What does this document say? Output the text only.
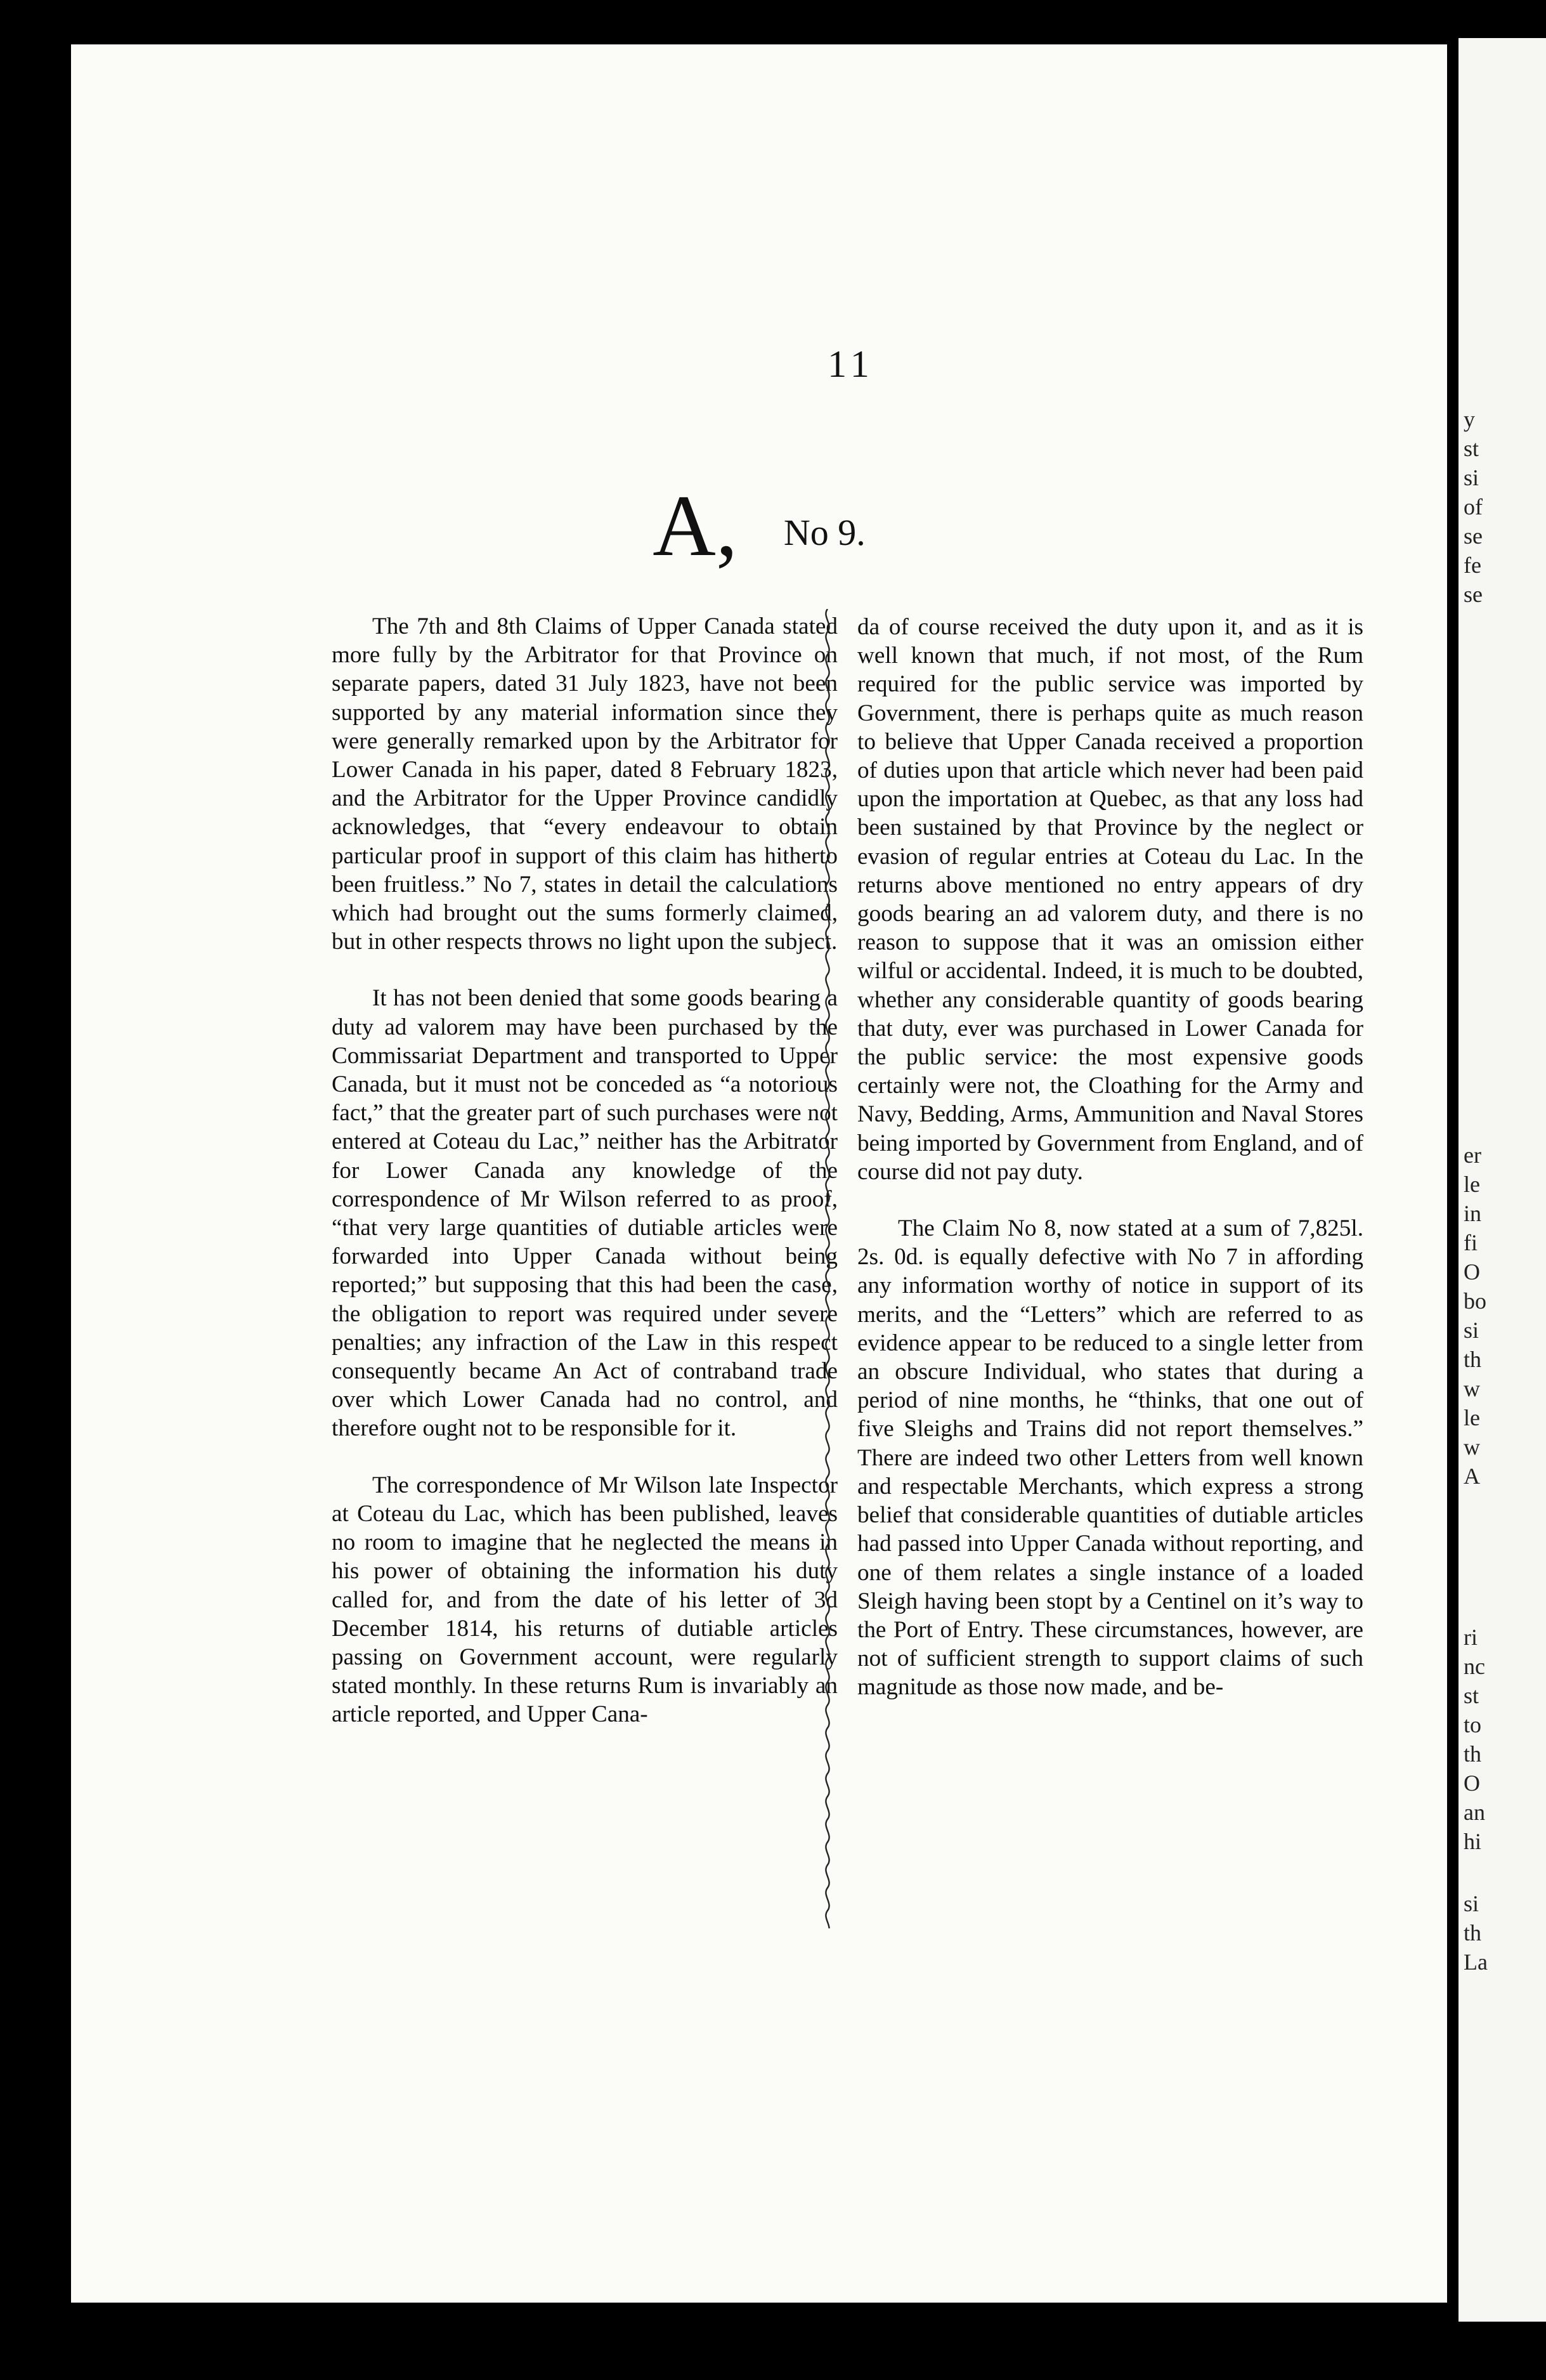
11
A, No 9.

The 7th and 8th Claims of Upper Canada stated more fully by the Arbitrator for that Province on separate papers, dated 31 July 1823, have not been supported by any material information since they were generally remarked upon by the Arbitrator for Lower Canada in his paper, dated 8 February 1823, and the Arbitrator for the Upper Province candidly acknowledges, that “every endeavour to obtain particular proof in support of this claim has hitherto been fruitless.” No 7, states in detail the calculations which had brought out the sums formerly claimed, but in other respects throws no light upon the subject.

It has not been denied that some goods bearing a duty ad valorem may have been purchased by the Commissariat Department and transported to Upper Canada, but it must not be conceded as “a notorious fact,” that the greater part of such purchases were not entered at Coteau du Lac,” neither has the Arbitrator for Lower Canada any knowledge of the correspondence of Mr Wilson referred to as proof, “that very large quantities of dutiable articles were forwarded into Upper Canada without being reported;” but supposing that this had been the case, the obligation to report was required under severe penalties; any infraction of the Law in this respect consequently became An Act of contraband trade over which Lower Canada had no control, and therefore ought not to be responsible for it.

The correspondence of Mr Wilson late Inspector at Coteau du Lac, which has been published, leaves no room to imagine that he neglected the means in his power of obtaining the information his duty called for, and from the date of his letter of 3d December 1814, his returns of dutiable articles passing on Government account, were regularly stated monthly. In these returns Rum is invariably an article reported, and Upper Cana-

da of course received the duty upon it, and as it is well known that much, if not most, of the Rum required for the public service was imported by Government, there is perhaps quite as much reason to believe that Upper Canada received a proportion of duties upon that article which never had been paid upon the importation at Quebec, as that any loss had been sustained by that Province by the neglect or evasion of regular entries at Coteau du Lac. In the returns above mentioned no entry appears of dry goods bearing an ad valorem duty, and there is no reason to suppose that it was an omission either wilful or accidental. Indeed, it is much to be doubted, whether any considerable quantity of goods bearing that duty, ever was purchased in Lower Canada for the public service: the most expensive goods certainly were not, the Cloathing for the Army and Navy, Bedding, Arms, Ammunition and Naval Stores being imported by Government from England, and of course did not pay duty.

The Claim No 8, now stated at a sum of 7,825l. 2s. 0d. is equally defective with No 7 in affording any information worthy of notice in support of its merits, and the “Letters” which are referred to as evidence appear to be reduced to a single letter from an obscure Individual, who states that during a period of nine months, he “thinks, that one out of five Sleighs and Trains did not report themselves.” There are indeed two other Letters from well known and respectable Merchants, which express a strong belief that considerable quantities of dutiable articles had passed into Upper Canada without reporting, and one of them relates a single instance of a loaded Sleigh having been stopt by a Centinel on it’s way to the Port of Entry. These circumstances, however, are not of sufficient strength to support claims of such magnitude as those now made, and be-

y
st
si
of
se
fe
se
er
le
in
fi
O
bo
si
th
w
le
w
A
ri
nc
st
to
th
O
an
hi
si
th
La
